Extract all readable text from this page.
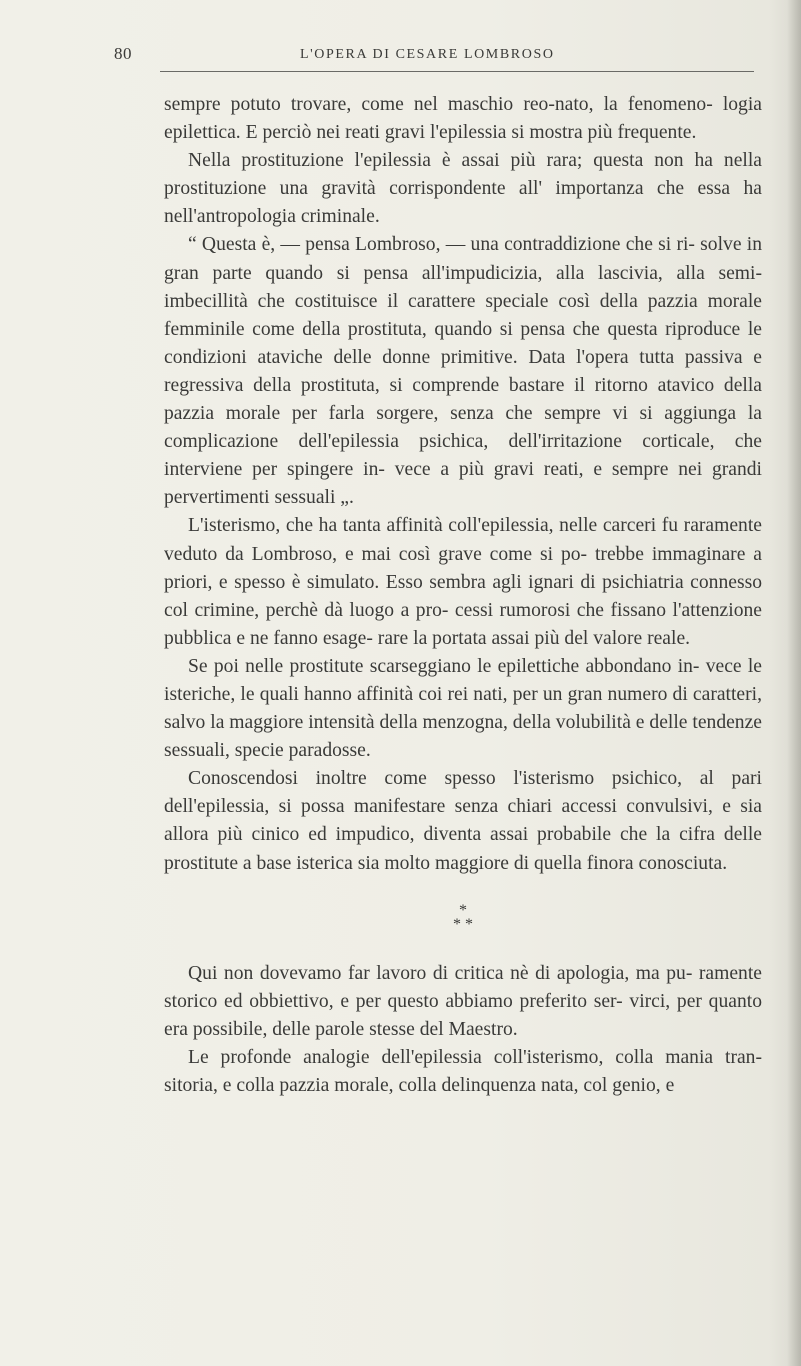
80	L'OPERA DI CESARE LOMBROSO

sempre potuto trovare, come nel maschio reo-nato, la fenomeno- logia epilettica. E perciò nei reati gravi l'epilessia si mostra più frequente.

Nella prostituzione l'epilessia è assai più rara; questa non ha nella prostituzione una gravità corrispondente all' importanza che essa ha nell'antropologia criminale.

“ Questa è, — pensa Lombroso, — una contraddizione che si ri- solve in gran parte quando si pensa all'impudicizia, alla lascivia, alla semi-imbecillità che costituisce il carattere speciale così della pazzia morale femminile come della prostituta, quando si pensa che questa riproduce le condizioni ataviche delle donne primitive. Data l'opera tutta passiva e regressiva della prostituta, si comprende bastare il ritorno atavico della pazzia morale per farla sorgere, senza che sempre vi si aggiunga la complicazione dell'epilessia psichica, dell'irritazione corticale, che interviene per spingere in- vece a più gravi reati, e sempre nei grandi pervertimenti sessuali „.

L'isterismo, che ha tanta affinità coll'epilessia, nelle carceri fu raramente veduto da Lombroso, e mai così grave come si po- trebbe immaginare a priori, e spesso è simulato. Esso sembra agli ignari di psichiatria connesso col crimine, perchè dà luogo a pro- cessi rumorosi che fissano l'attenzione pubblica e ne fanno esage- rare la portata assai più del valore reale.

Se poi nelle prostitute scarseggiano le epilettiche abbondano in- vece le isteriche, le quali hanno affinità coi rei nati, per un gran numero di caratteri, salvo la maggiore intensità della menzogna, della volubilità e delle tendenze sessuali, specie paradosse.

Conoscendosi inoltre come spesso l'isterismo psichico, al pari dell'epilessia, si possa manifestare senza chiari accessi convulsivi, e sia allora più cinico ed impudico, diventa assai probabile che la cifra delle prostitute a base isterica sia molto maggiore di quella finora conosciuta.

*
* *

Qui non dovevamo far lavoro di critica nè di apologia, ma pu- ramente storico ed obbiettivo, e per questo abbiamo preferito ser- virci, per quanto era possibile, delle parole stesse del Maestro.

Le profonde analogie dell'epilessia coll'isterismo, colla mania tran- sitoria, e colla pazzia morale, colla delinquenza nata, col genio, e
